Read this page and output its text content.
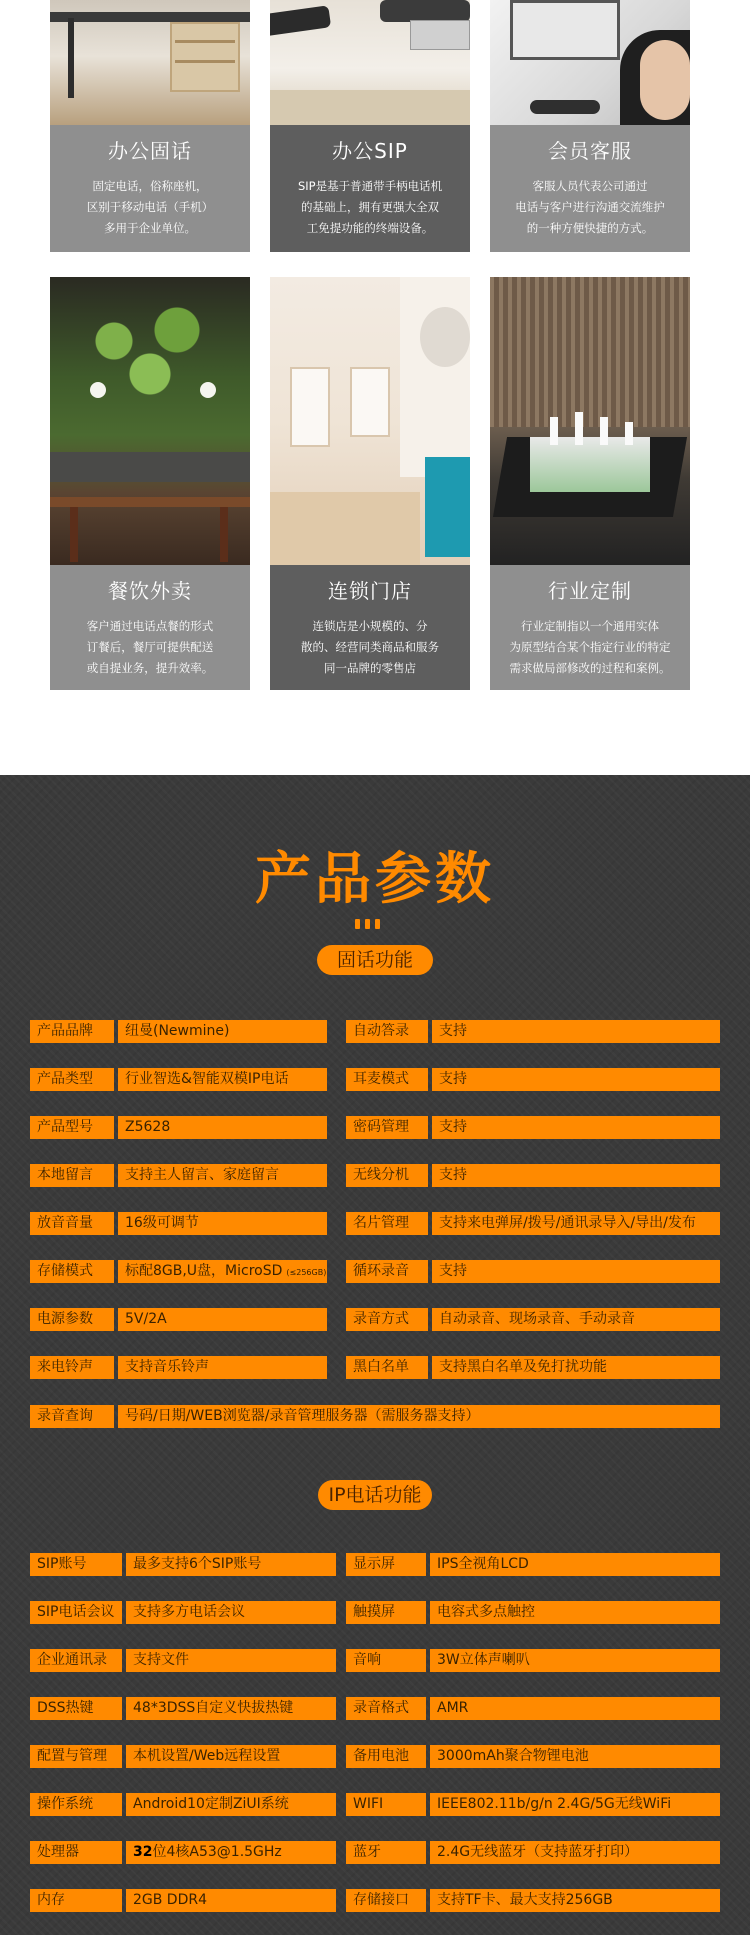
办公固话
固定电话，俗称座机，
区别于移动电话（手机）
多用于企业单位。
办公SIP
SIP是基于普通带手柄电话机
的基础上，拥有更强大全双
工免提功能的终端设备。
会员客服
客服人员代表公司通过
电话与客户进行沟通交流维护
的一种方便快捷的方式。
餐饮外卖
客户通过电话点餐的形式
订餐后，餐厅可提供配送
或自提业务，提升效率。
连锁门店
连锁店是小规模的、分
散的、经营同类商品和服务
同一品牌的零售店
行业定制
行业定制指以一个通用实体
为原型结合某个指定行业的特定
需求做局部修改的过程和案例。
产品参数
固话功能
IP电话功能
产品品牌	纽曼(Newmine)	自动答录	支持
产品类型	行业智选&智能双模IP电话	耳麦模式	支持
产品型号	Z5628	密码管理	支持
本地留言	支持主人留言、家庭留言	无线分机	支持
放音音量	16级可调节	名片管理	支持来电弹屏/拨号/通讯录导入/导出/发布
存储模式	标配8GB,U盘，MicroSD (≤256GB)	循环录音	支持
电源参数	5V/2A	录音方式	自动录音、现场录音、手动录音
来电铃声	支持音乐铃声	黑白名单	支持黑白名单及免打扰功能
录音查询	号码/日期/WEB浏览器/录音管理服务器（需服务器支持）
SIP账号	最多支持6个SIP账号	显示屏	IPS全视角LCD
SIP电话会议	支持多方电话会议	触摸屏	电容式多点触控
企业通讯录	支持文件	音响	3W立体声喇叭
DSS热键	48*3DSS自定义快拔热键	录音格式	AMR
配置与管理	本机设置/Web远程设置	备用电池	3000mAh聚合物锂电池
操作系统	Android10定制ZiUI系统	WIFI	IEEE802.11b/g/n 2.4G/5G无线WiFi
处理器	32位4核A53@1.5GHz	蓝牙	2.4G无线蓝牙（支持蓝牙打印）
内存	2GB DDR4	存储接口	支持TF卡、最大支持256GB
